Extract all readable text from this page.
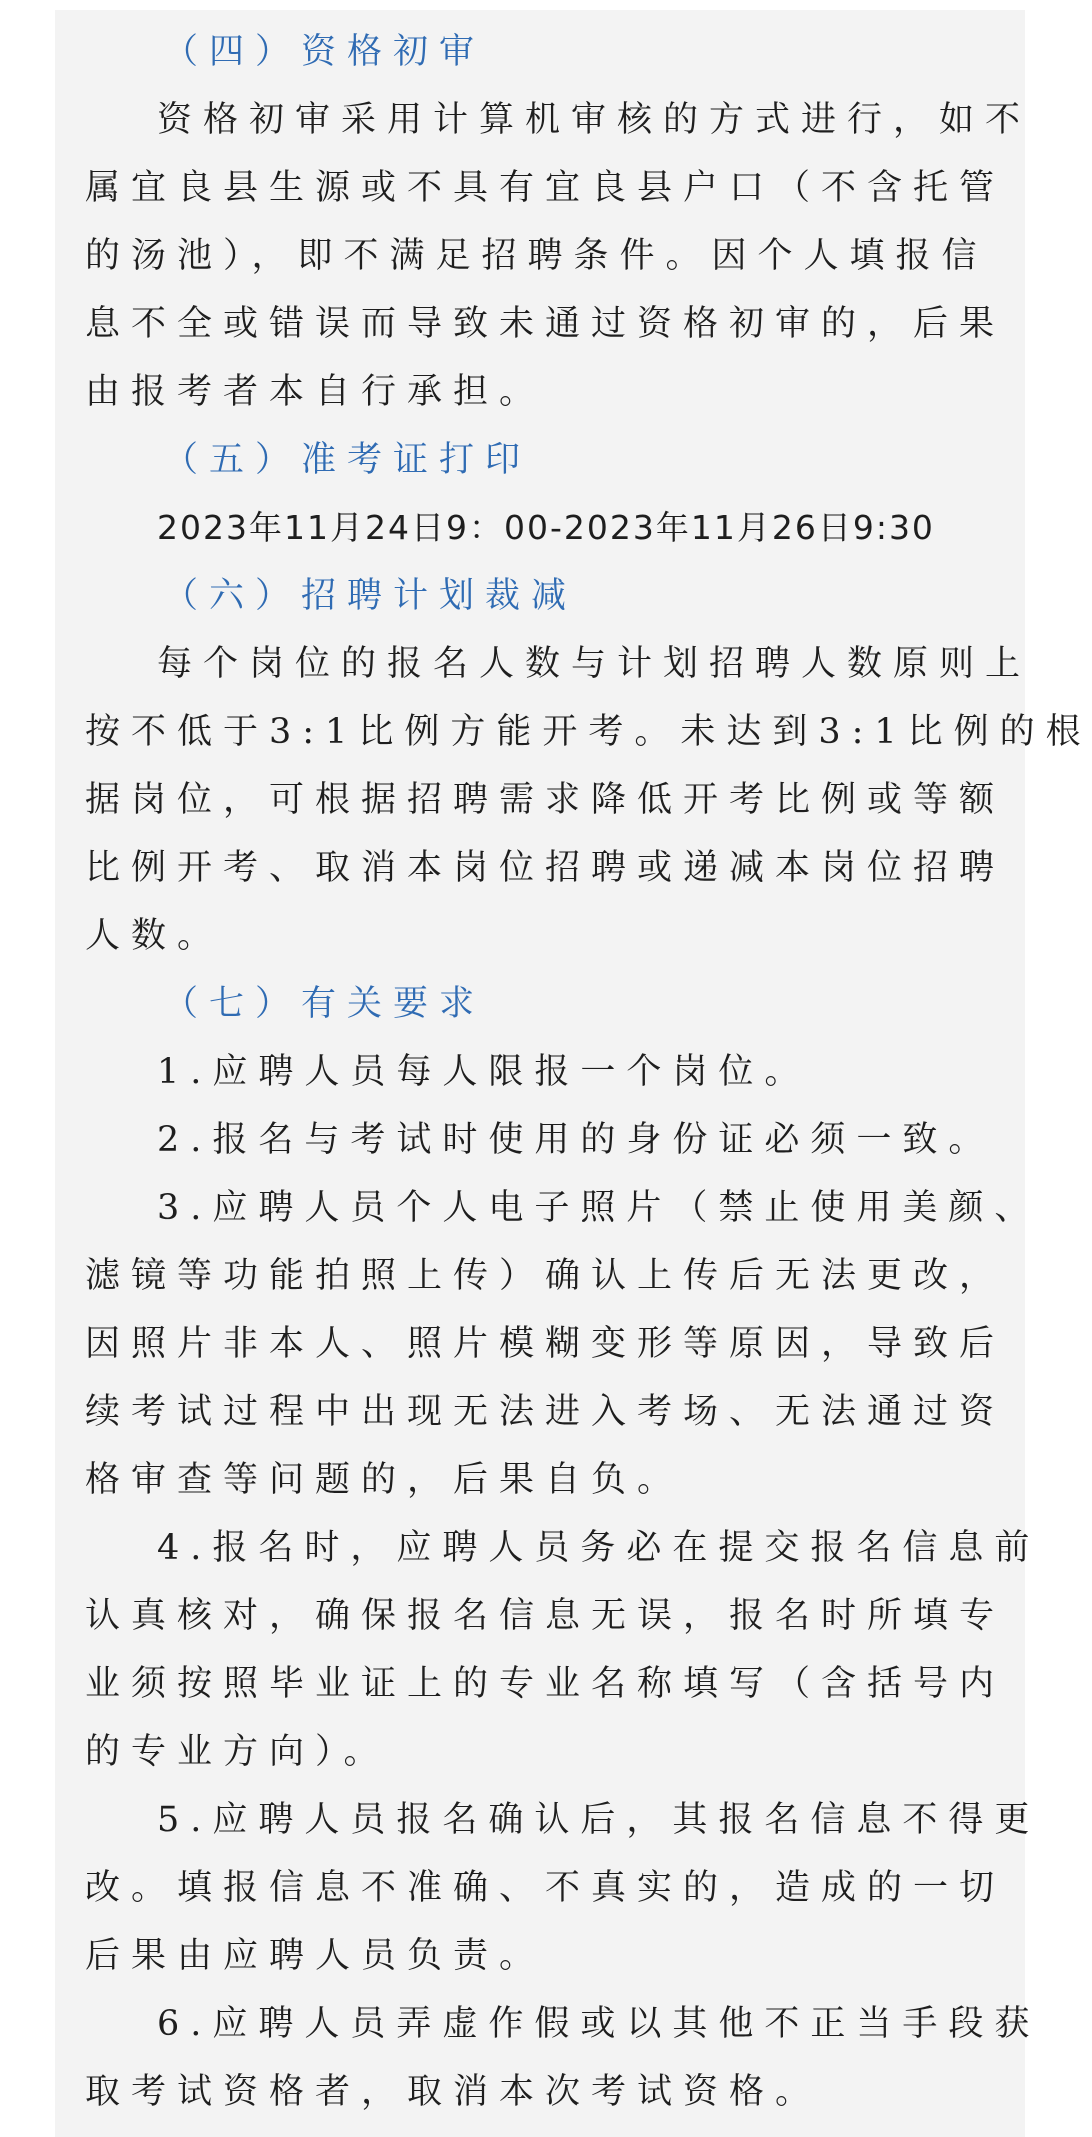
（四）资格初审
资格初审采用计算机审核的方式进行，如不
属宜良县生源或不具有宜良县户口（不含托管
的汤池），即不满足招聘条件。因个人填报信
息不全或错误而导致未通过资格初审的，后果
由报考者本自行承担。
（五）准考证打印
2023年11月24日9：00-2023年11月26日9:30
（六）招聘计划裁减
每个岗位的报名人数与计划招聘人数原则上
按不低于3:1比例方能开考。未达到3:1比例的根
据岗位，可根据招聘需求降低开考比例或等额
比例开考、取消本岗位招聘或递减本岗位招聘
人数。
（七）有关要求
1.应聘人员每人限报一个岗位。
2.报名与考试时使用的身份证必须一致。
3.应聘人员个人电子照片（禁止使用美颜、
滤镜等功能拍照上传）确认上传后无法更改，
因照片非本人、照片模糊变形等原因，导致后
续考试过程中出现无法进入考场、无法通过资
格审查等问题的，后果自负。
4.报名时，应聘人员务必在提交报名信息前
认真核对，确保报名信息无误，报名时所填专
业须按照毕业证上的专业名称填写（含括号内
的专业方向）。
5.应聘人员报名确认后，其报名信息不得更
改。填报信息不准确、不真实的，造成的一切
后果由应聘人员负责。
6.应聘人员弄虚作假或以其他不正当手段获
取考试资格者，取消本次考试资格。
